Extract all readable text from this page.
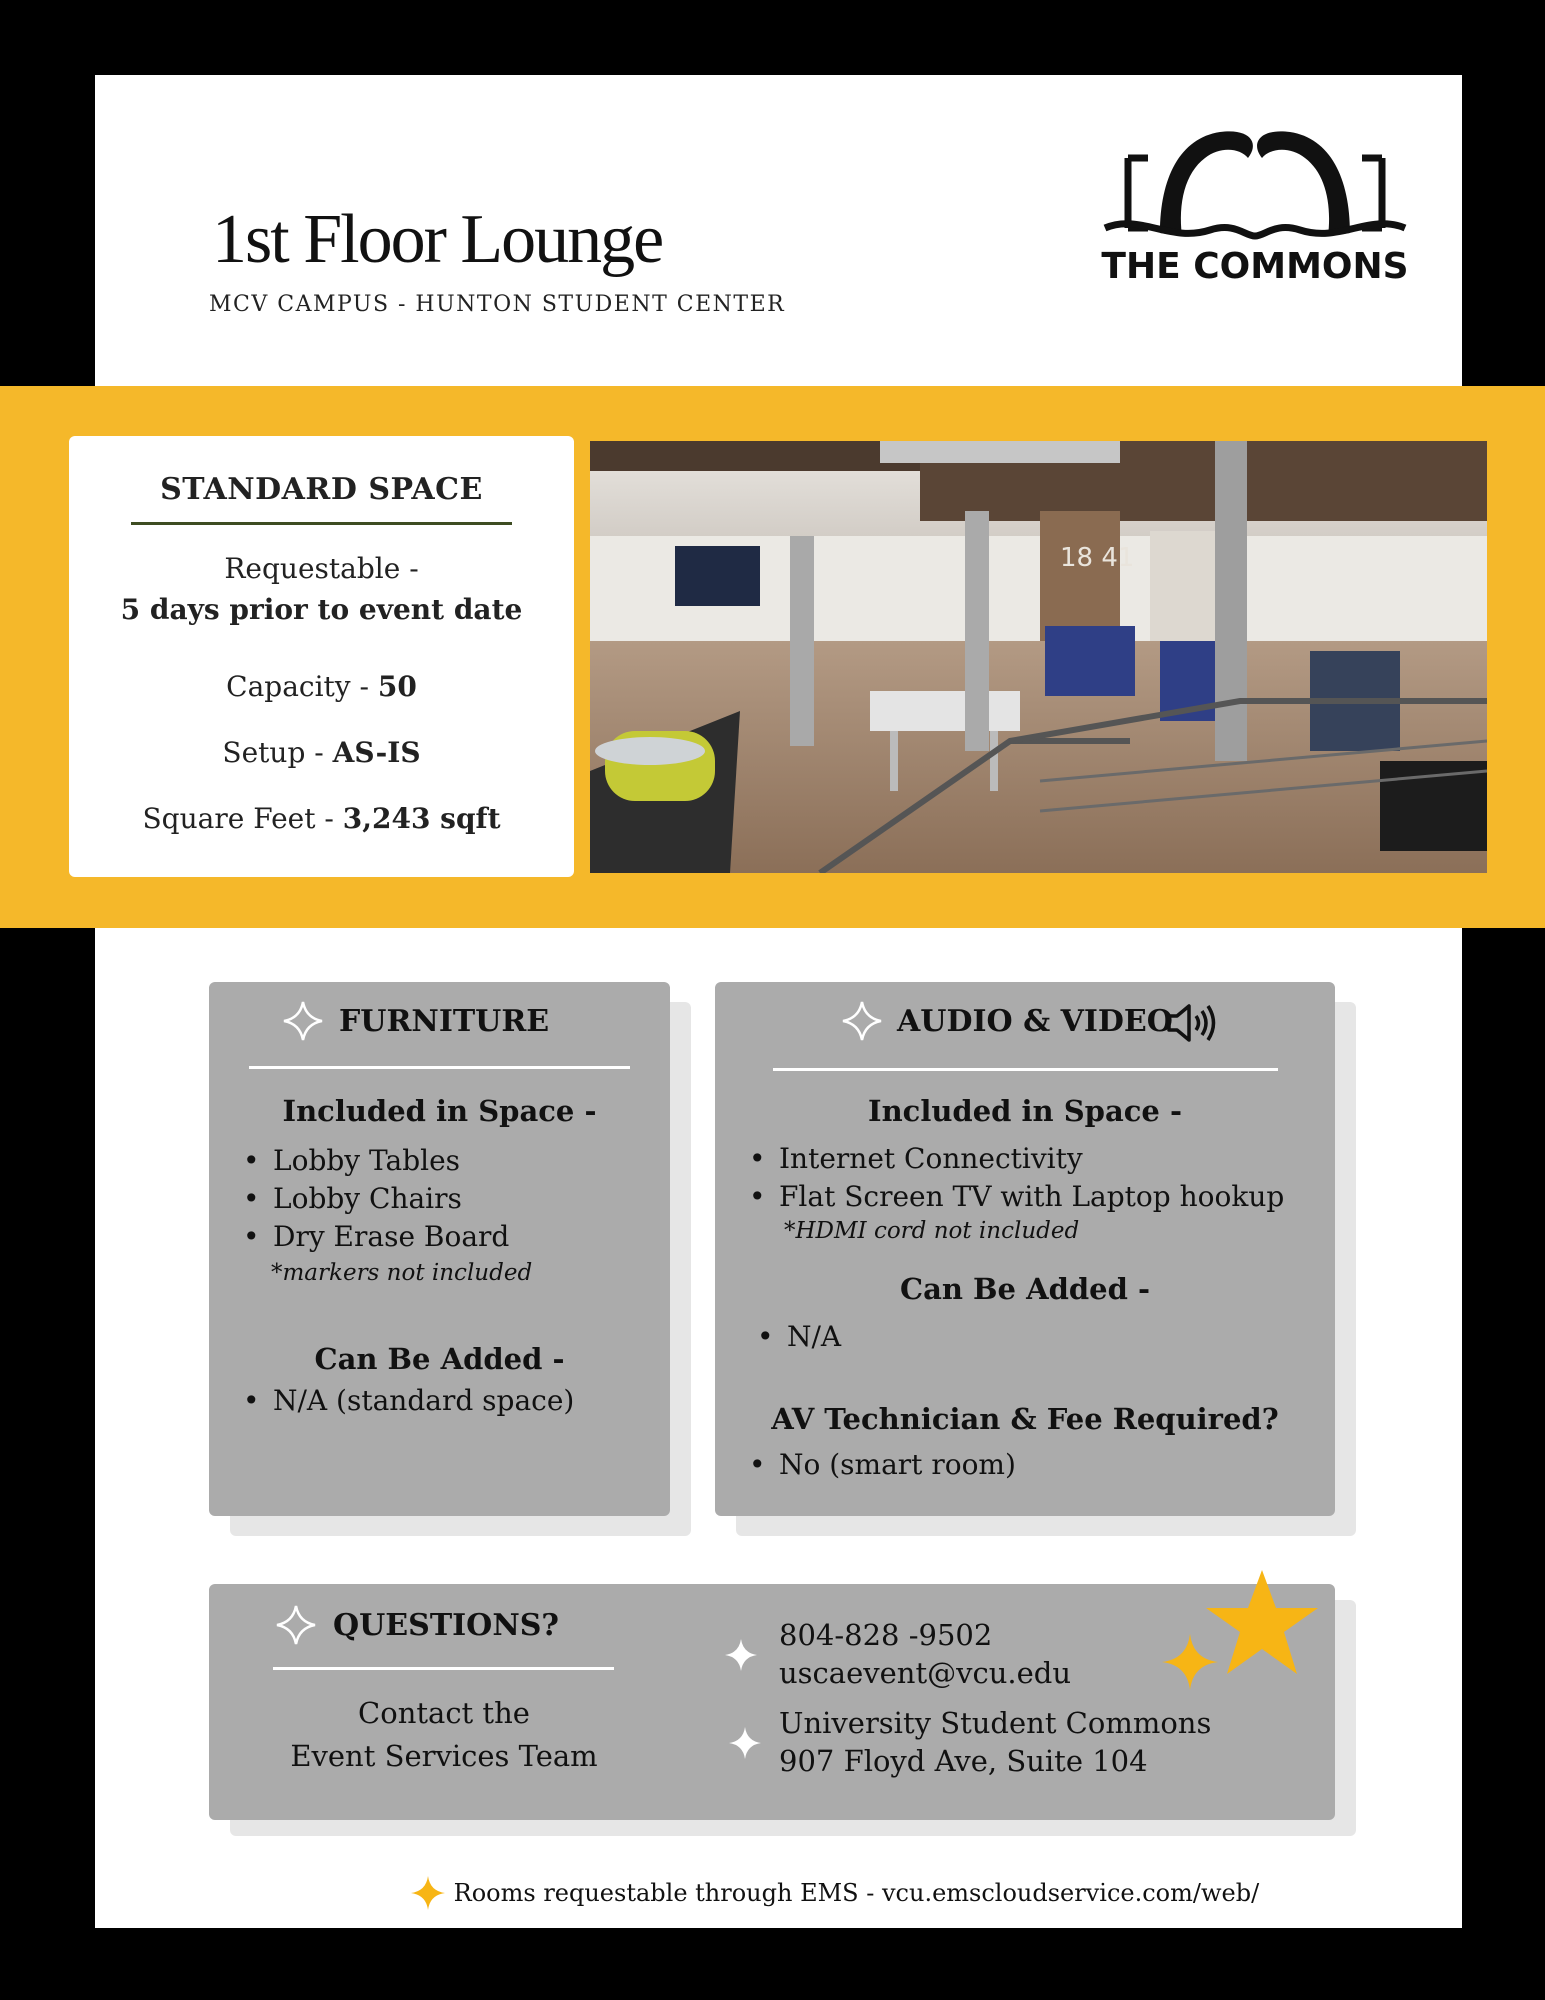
1st Floor Lounge
MCV CAMPUS - HUNTON STUDENT CENTER
THE COMMONS
STANDARD SPACE
Requestable -
5 days prior to event date
Capacity - 50
Setup - AS-IS
Square Feet - 3,243 sqft
18 41
FURNITURE
Included in Space -
• Lobby Tables
• Lobby Chairs
• Dry Erase Board
*markers not included
Can Be Added -
• N/A (standard space)
AUDIO & VIDEO
Included in Space -
• Internet Connectivity
• Flat Screen TV with Laptop hookup
*HDMI cord not included
Can Be Added -
• N/A
AV Technician & Fee Required?
• No (smart room)
QUESTIONS?
Contact the
Event Services Team
804-828 -9502
uscaevent@vcu.edu
University Student Commons
907 Floyd Ave, Suite 104
Rooms requestable through EMS - vcu.emscloudservice.com/web/
